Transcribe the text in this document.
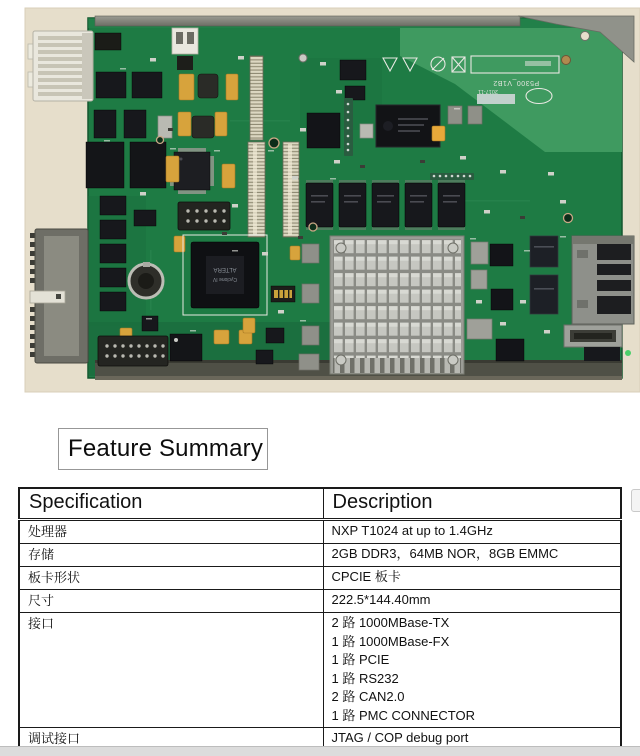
ALTERA
Cyclone IV
P5300_V1B2
2017-11
Feature Summary
Specification	Description
处理器	NXP T1024 at up to 1.4GHz

存储	2GB DDR3，64MB NOR，8GB EMMC

板卡形状	CPCIE 板卡

尺寸	222.5*144.40mm

接口	2 路 1000MBase-TX
1 路 1000MBase-FX
1 路 PCIE
1 路 RS232
2 路 CAN2.0
1 路 PMC CONNECTOR

调试接口	JTAG / COP debug port
